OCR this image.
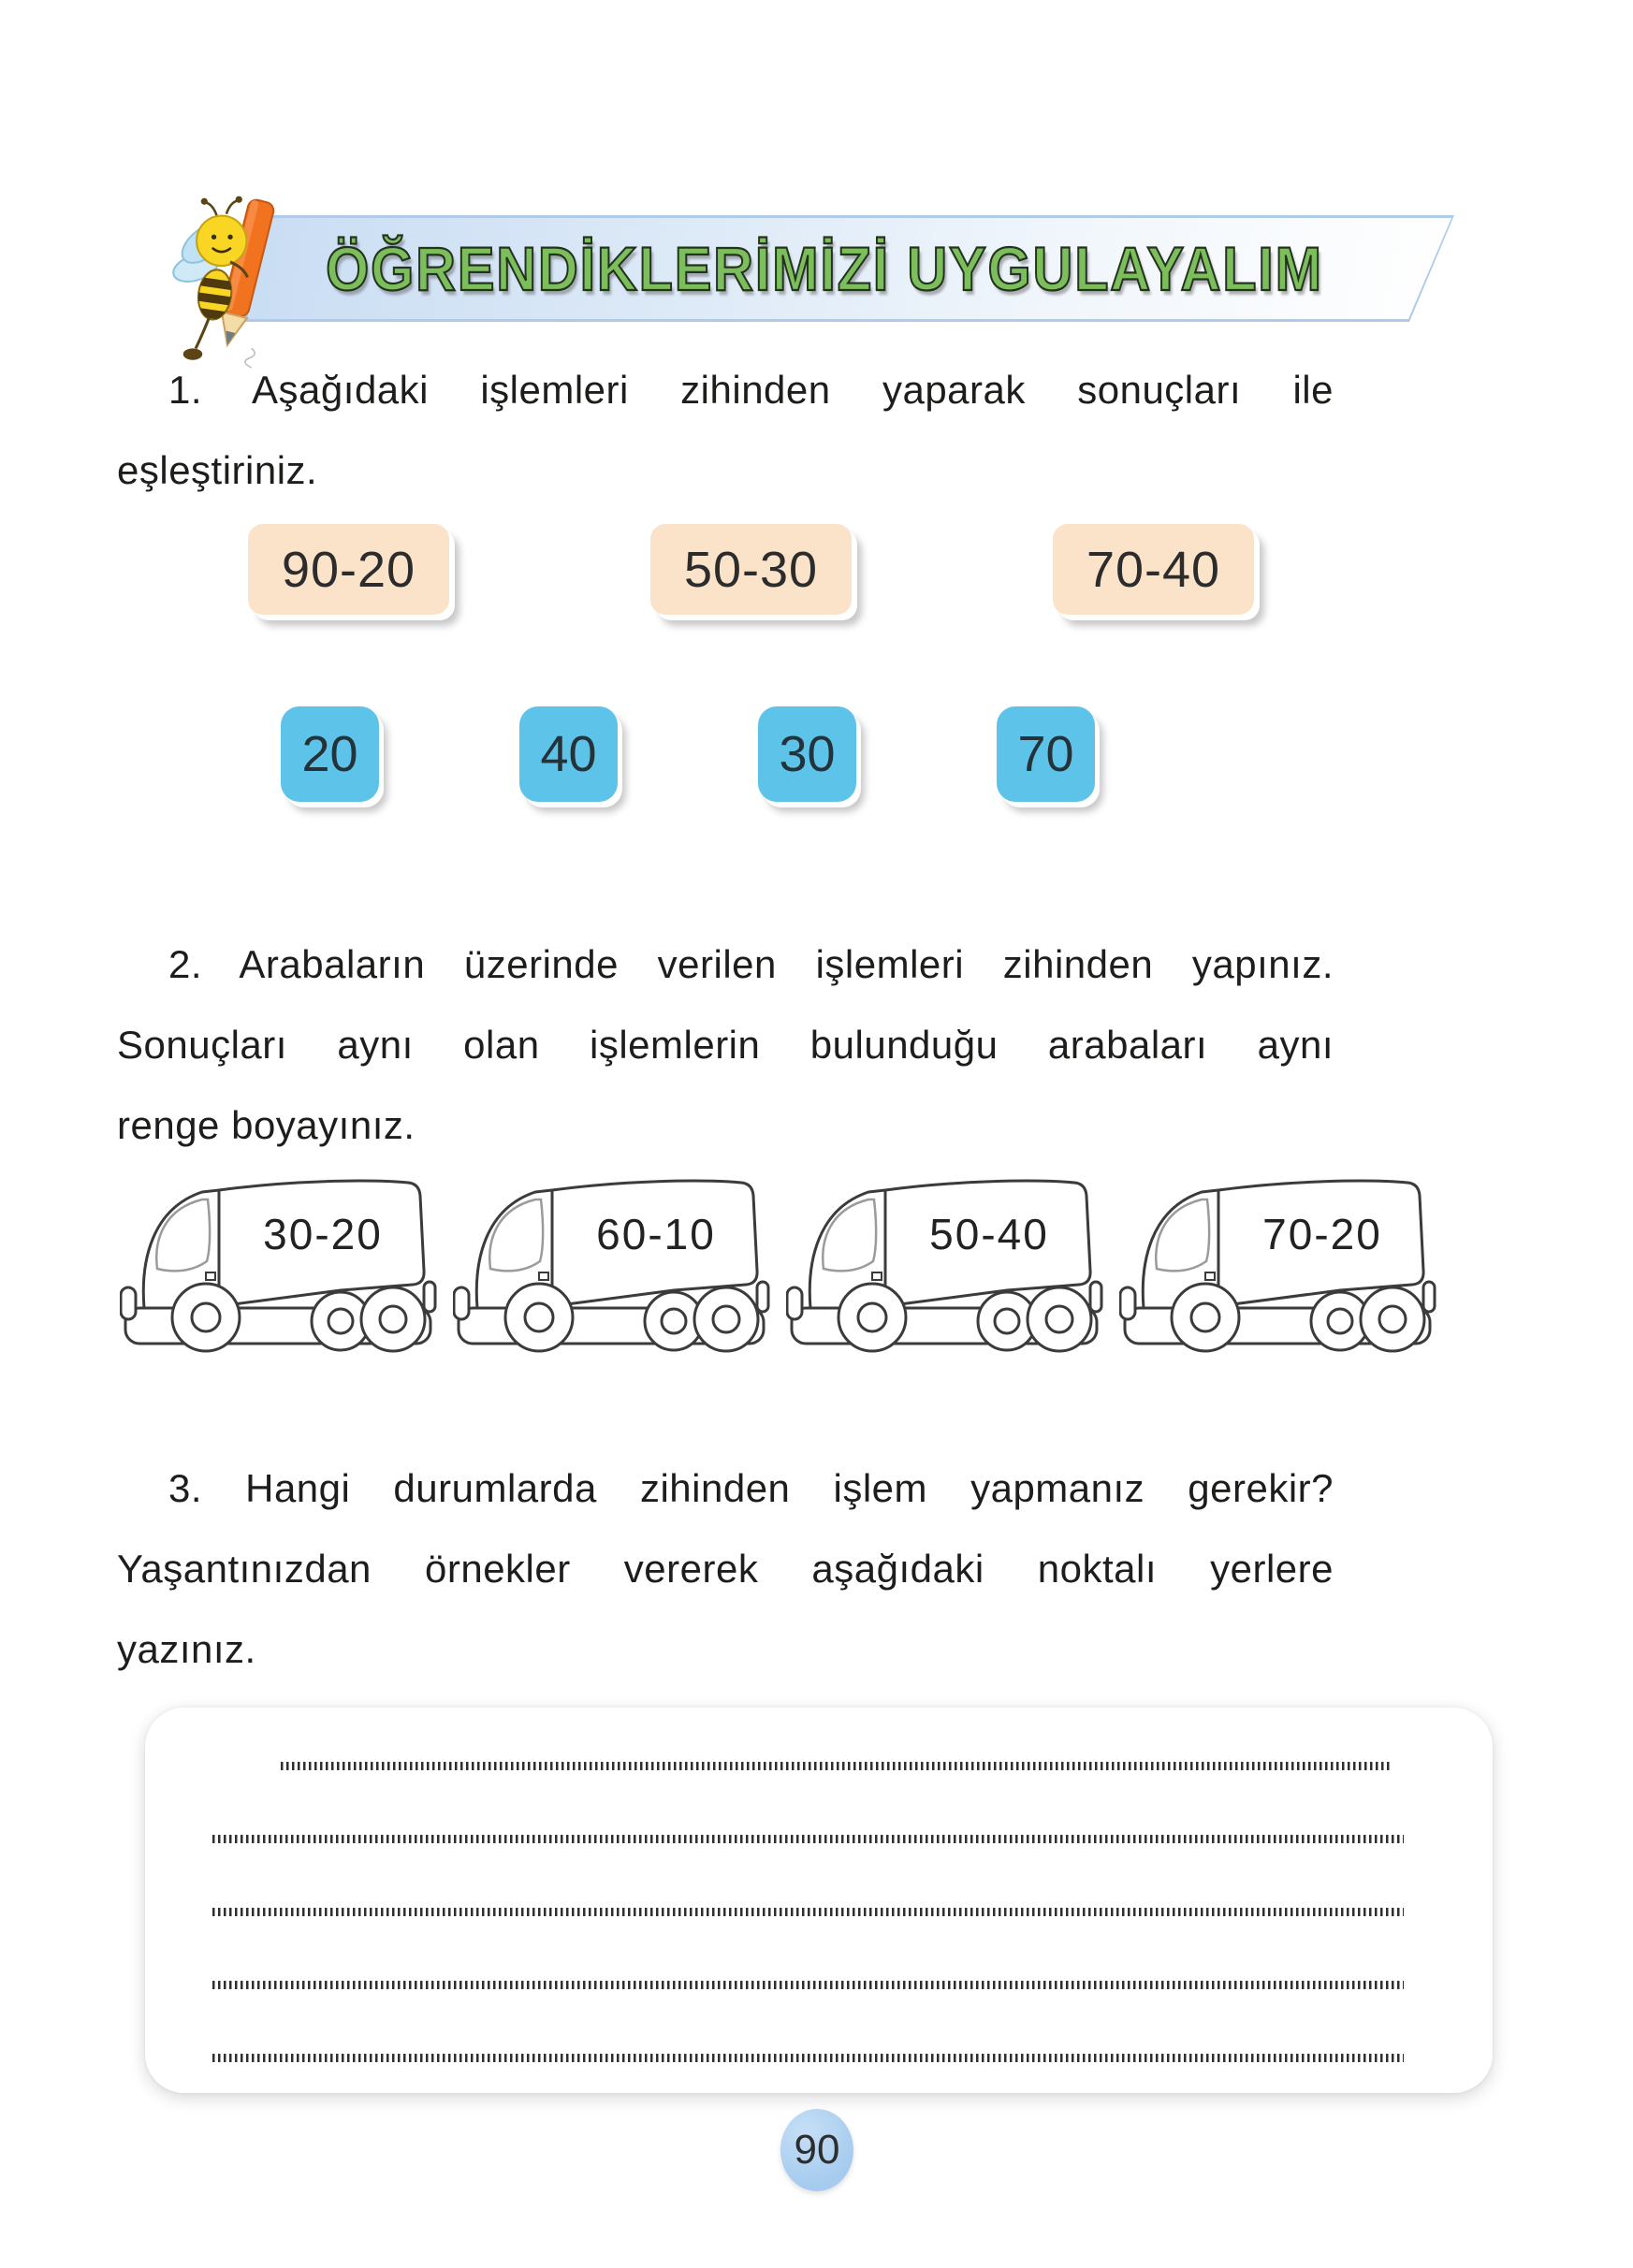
ÖĞRENDİKLERİMİZİ UYGULAYALIM
1. Aşağıdaki işlemleri zihinden yaparak sonuçları ile
eşleştiriniz.
90-20	50-30	70-40
20	40	30	70
2. Arabaların üzerinde verilen işlemleri zihinden yapınız.
Sonuçları aynı olan işlemlerin bulunduğu arabaları aynı
renge boyayınız.
30-20	60-10	50-40	70-20
3. Hangi durumlarda zihinden işlem yapmanız gerekir?
Yaşantınızdan örnekler vererek aşağıdaki noktalı yerlere
yazınız.
90
